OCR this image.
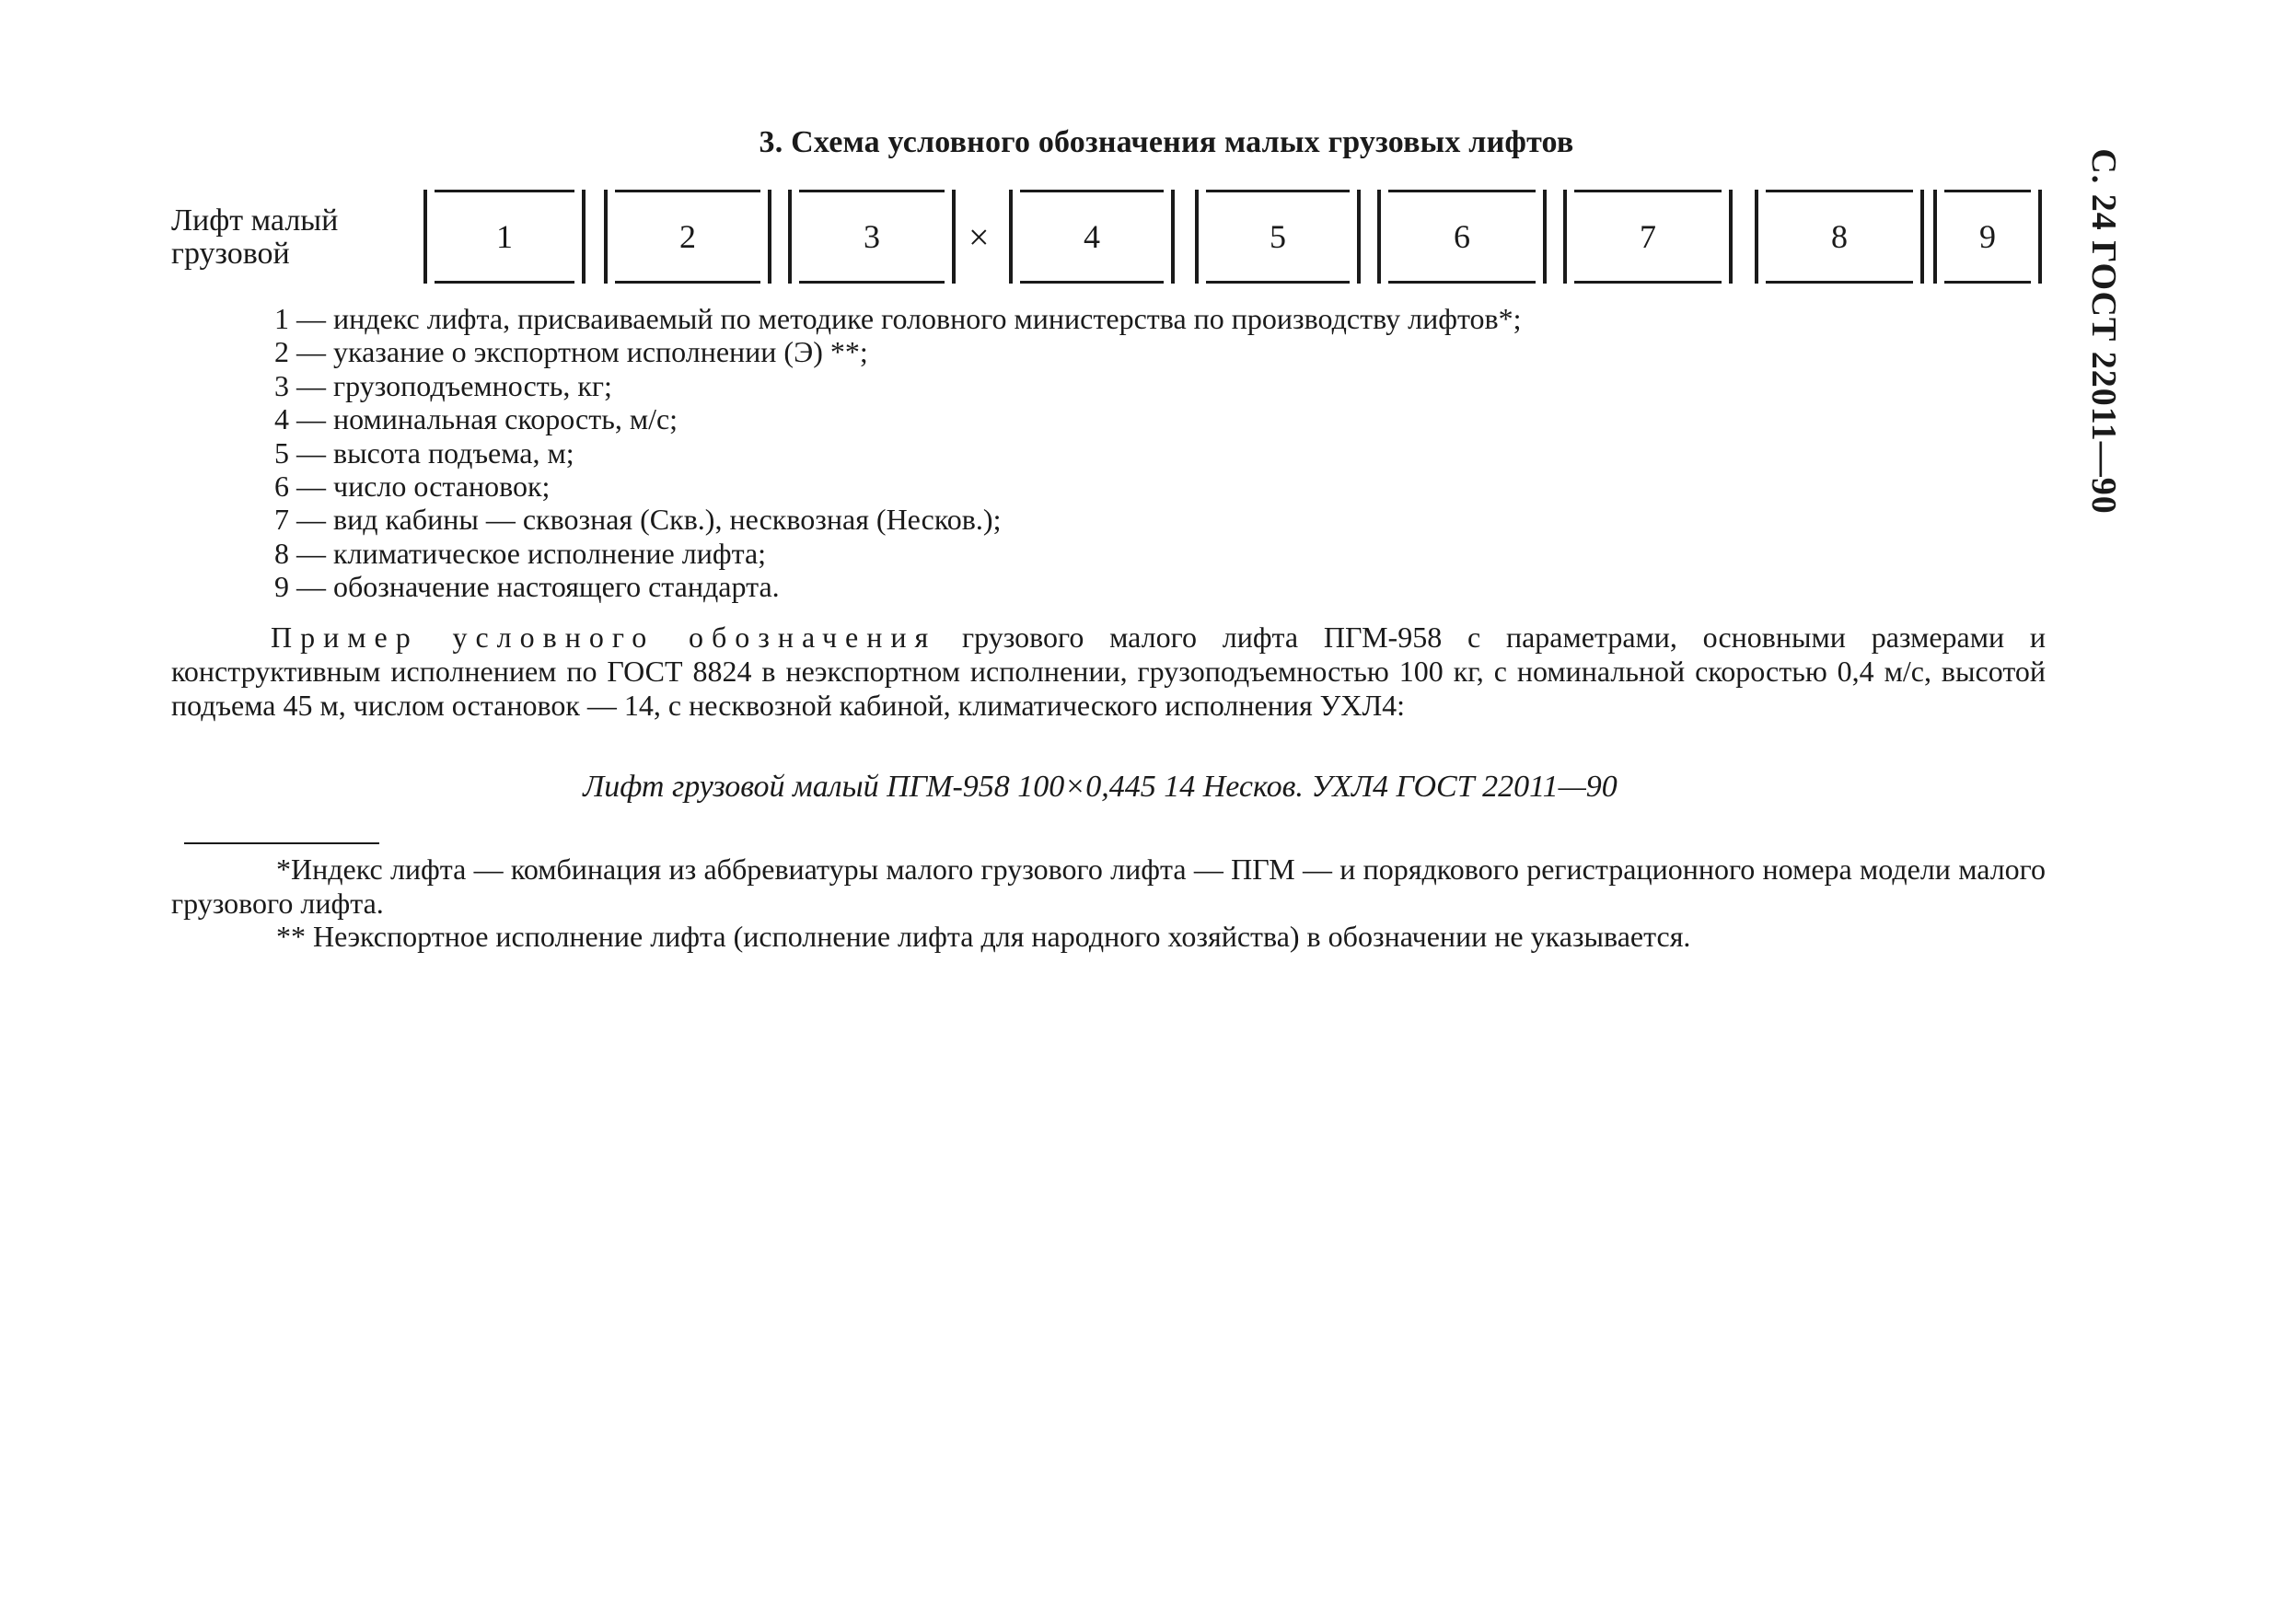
3. Схема условного обозначения малых грузовых лифтов
С. 24 ГОСТ 22011—90
Лифт малый
грузовой	1	2	3	×	4	5	6	7	8	9
1 — индекс лифта, присваиваемый по методике головного министерства по производству лифтов*;
2 — указание о экспортном исполнении (Э) **;
3 — грузоподъемность, кг;
4 — номинальная скорость, м/с;
5 — высота подъема, м;
6 — число остановок;
7 — вид кабины — сквозная (Скв.), несквозная (Несков.);
8 — климатическое исполнение лифта;
9 — обозначение настоящего стандарта.
Пример условного обозначения грузового малого лифта ПГМ-958 с параметрами, основными размерами и конструктивным исполнением по ГОСТ 8824 в неэкспортном исполнении, грузоподъемностью 100 кг, с номинальной скоростью 0,4 м/с, высотой подъема 45 м, числом остановок — 14, с несквозной кабиной, климатического исполнения УХЛ4:
Лифт грузовой малый ПГМ-958 100×0,445 14 Несков. УХЛ4 ГОСТ 22011—90

*Индекс лифта — комбинация из аббревиатуры малого грузового лифта — ПГМ — и порядкового регистрационного номера модели малого грузового лифта.

** Неэкспортное исполнение лифта (исполнение лифта для народного хозяйства) в обозначении не указывается.
